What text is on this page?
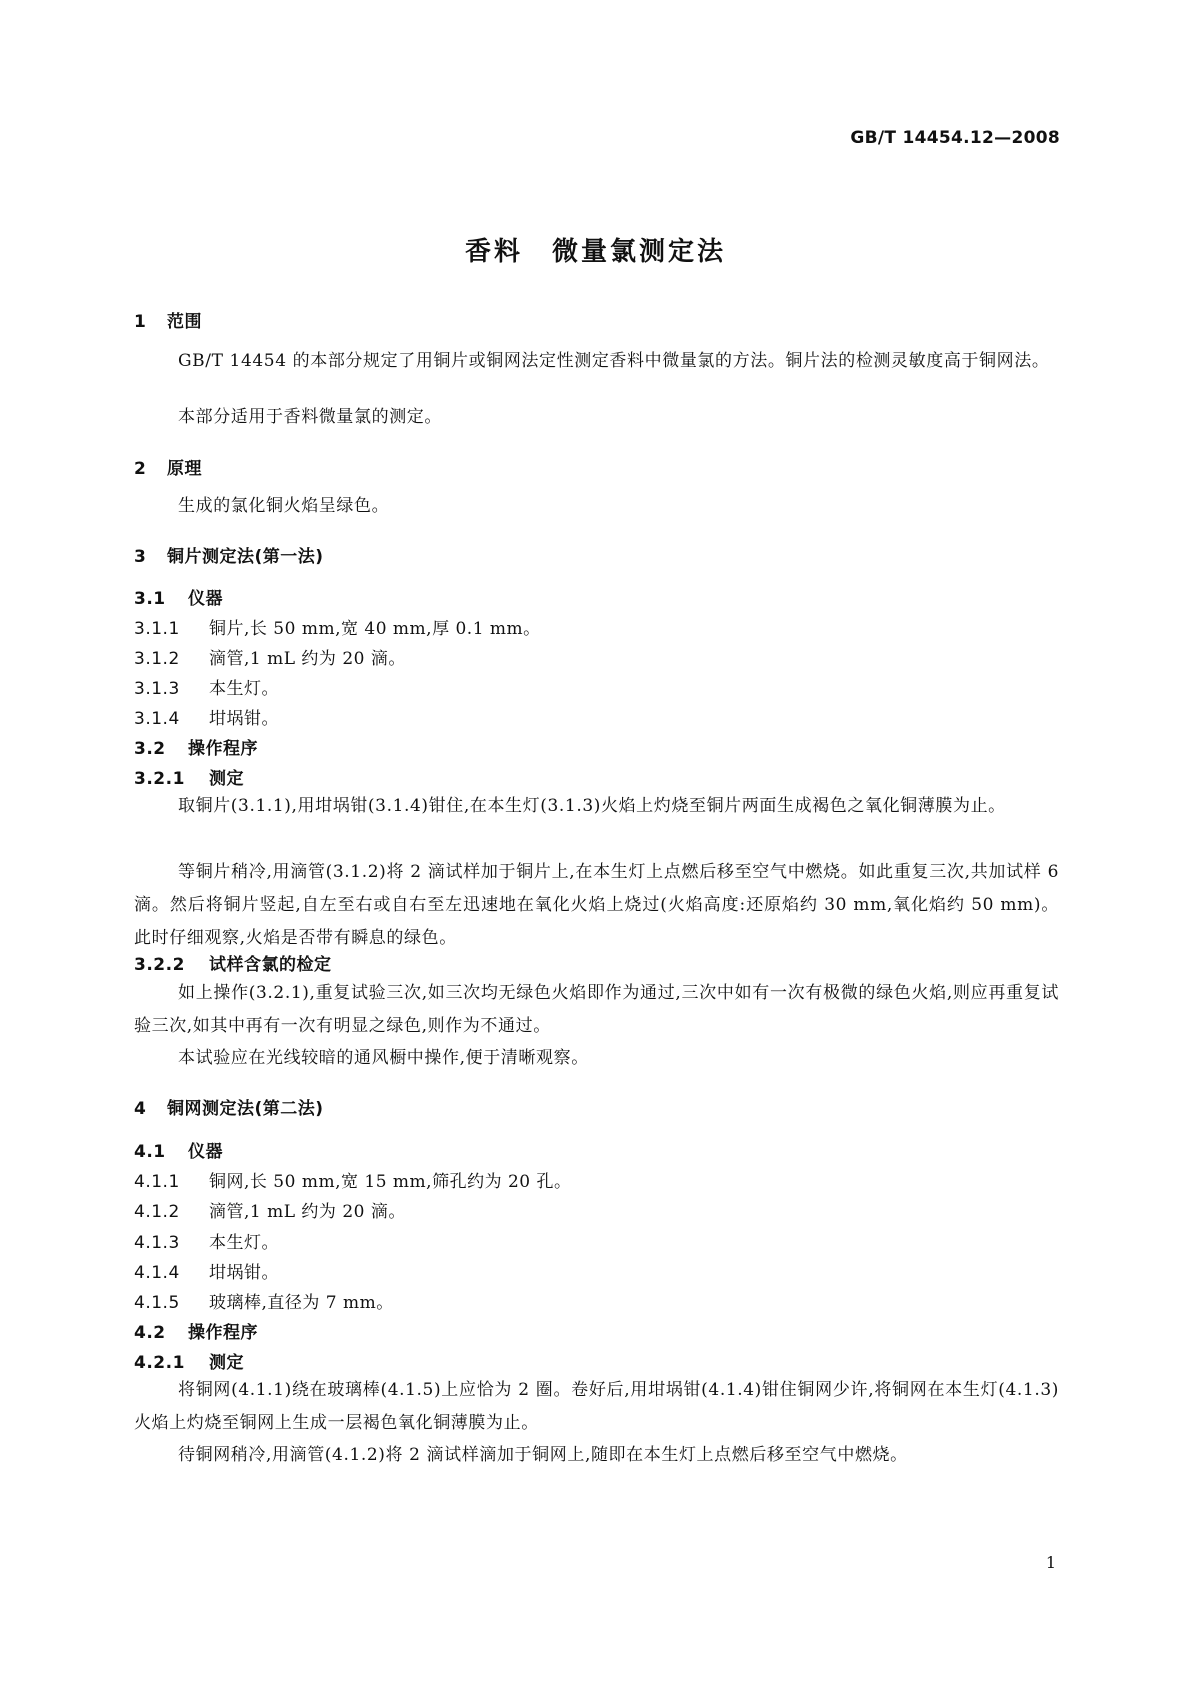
GB/T 14454.12—2008
香料　微量氯测定法
1 范围
GB/T 14454 的本部分规定了用铜片或铜网法定性测定香料中微量氯的方法。铜片法的检测灵敏度高于铜网法。
本部分适用于香料微量氯的测定。
2 原理
生成的氯化铜火焰呈绿色。
3 铜片测定法(第一法)
3.1 仪器
3.1.1 铜片,长 50 mm,宽 40 mm,厚 0.1 mm。
3.1.2 滴管,1 mL 约为 20 滴。
3.1.3 本生灯。
3.1.4 坩埚钳。
3.2 操作程序
3.2.1 测定
取铜片(3.1.1),用坩埚钳(3.1.4)钳住,在本生灯(3.1.3)火焰上灼烧至铜片两面生成褐色之氧化铜薄膜为止。
等铜片稍冷,用滴管(3.1.2)将 2 滴试样加于铜片上,在本生灯上点燃后移至空气中燃烧。如此重复三次,共加试样 6 滴。然后将铜片竖起,自左至右或自右至左迅速地在氧化火焰上烧过(火焰高度:还原焰约 30 mm,氧化焰约 50 mm)。此时仔细观察,火焰是否带有瞬息的绿色。
3.2.2 试样含氯的检定
如上操作(3.2.1),重复试验三次,如三次均无绿色火焰即作为通过,三次中如有一次有极微的绿色火焰,则应再重复试验三次,如其中再有一次有明显之绿色,则作为不通过。
本试验应在光线较暗的通风橱中操作,便于清晰观察。
4 铜网测定法(第二法)
4.1 仪器
4.1.1 铜网,长 50 mm,宽 15 mm,筛孔约为 20 孔。
4.1.2 滴管,1 mL 约为 20 滴。
4.1.3 本生灯。
4.1.4 坩埚钳。
4.1.5 玻璃棒,直径为 7 mm。
4.2 操作程序
4.2.1 测定
将铜网(4.1.1)绕在玻璃棒(4.1.5)上应恰为 2 圈。卷好后,用坩埚钳(4.1.4)钳住铜网少许,将铜网在本生灯(4.1.3)火焰上灼烧至铜网上生成一层褐色氧化铜薄膜为止。
待铜网稍冷,用滴管(4.1.2)将 2 滴试样滴加于铜网上,随即在本生灯上点燃后移至空气中燃烧。
1
